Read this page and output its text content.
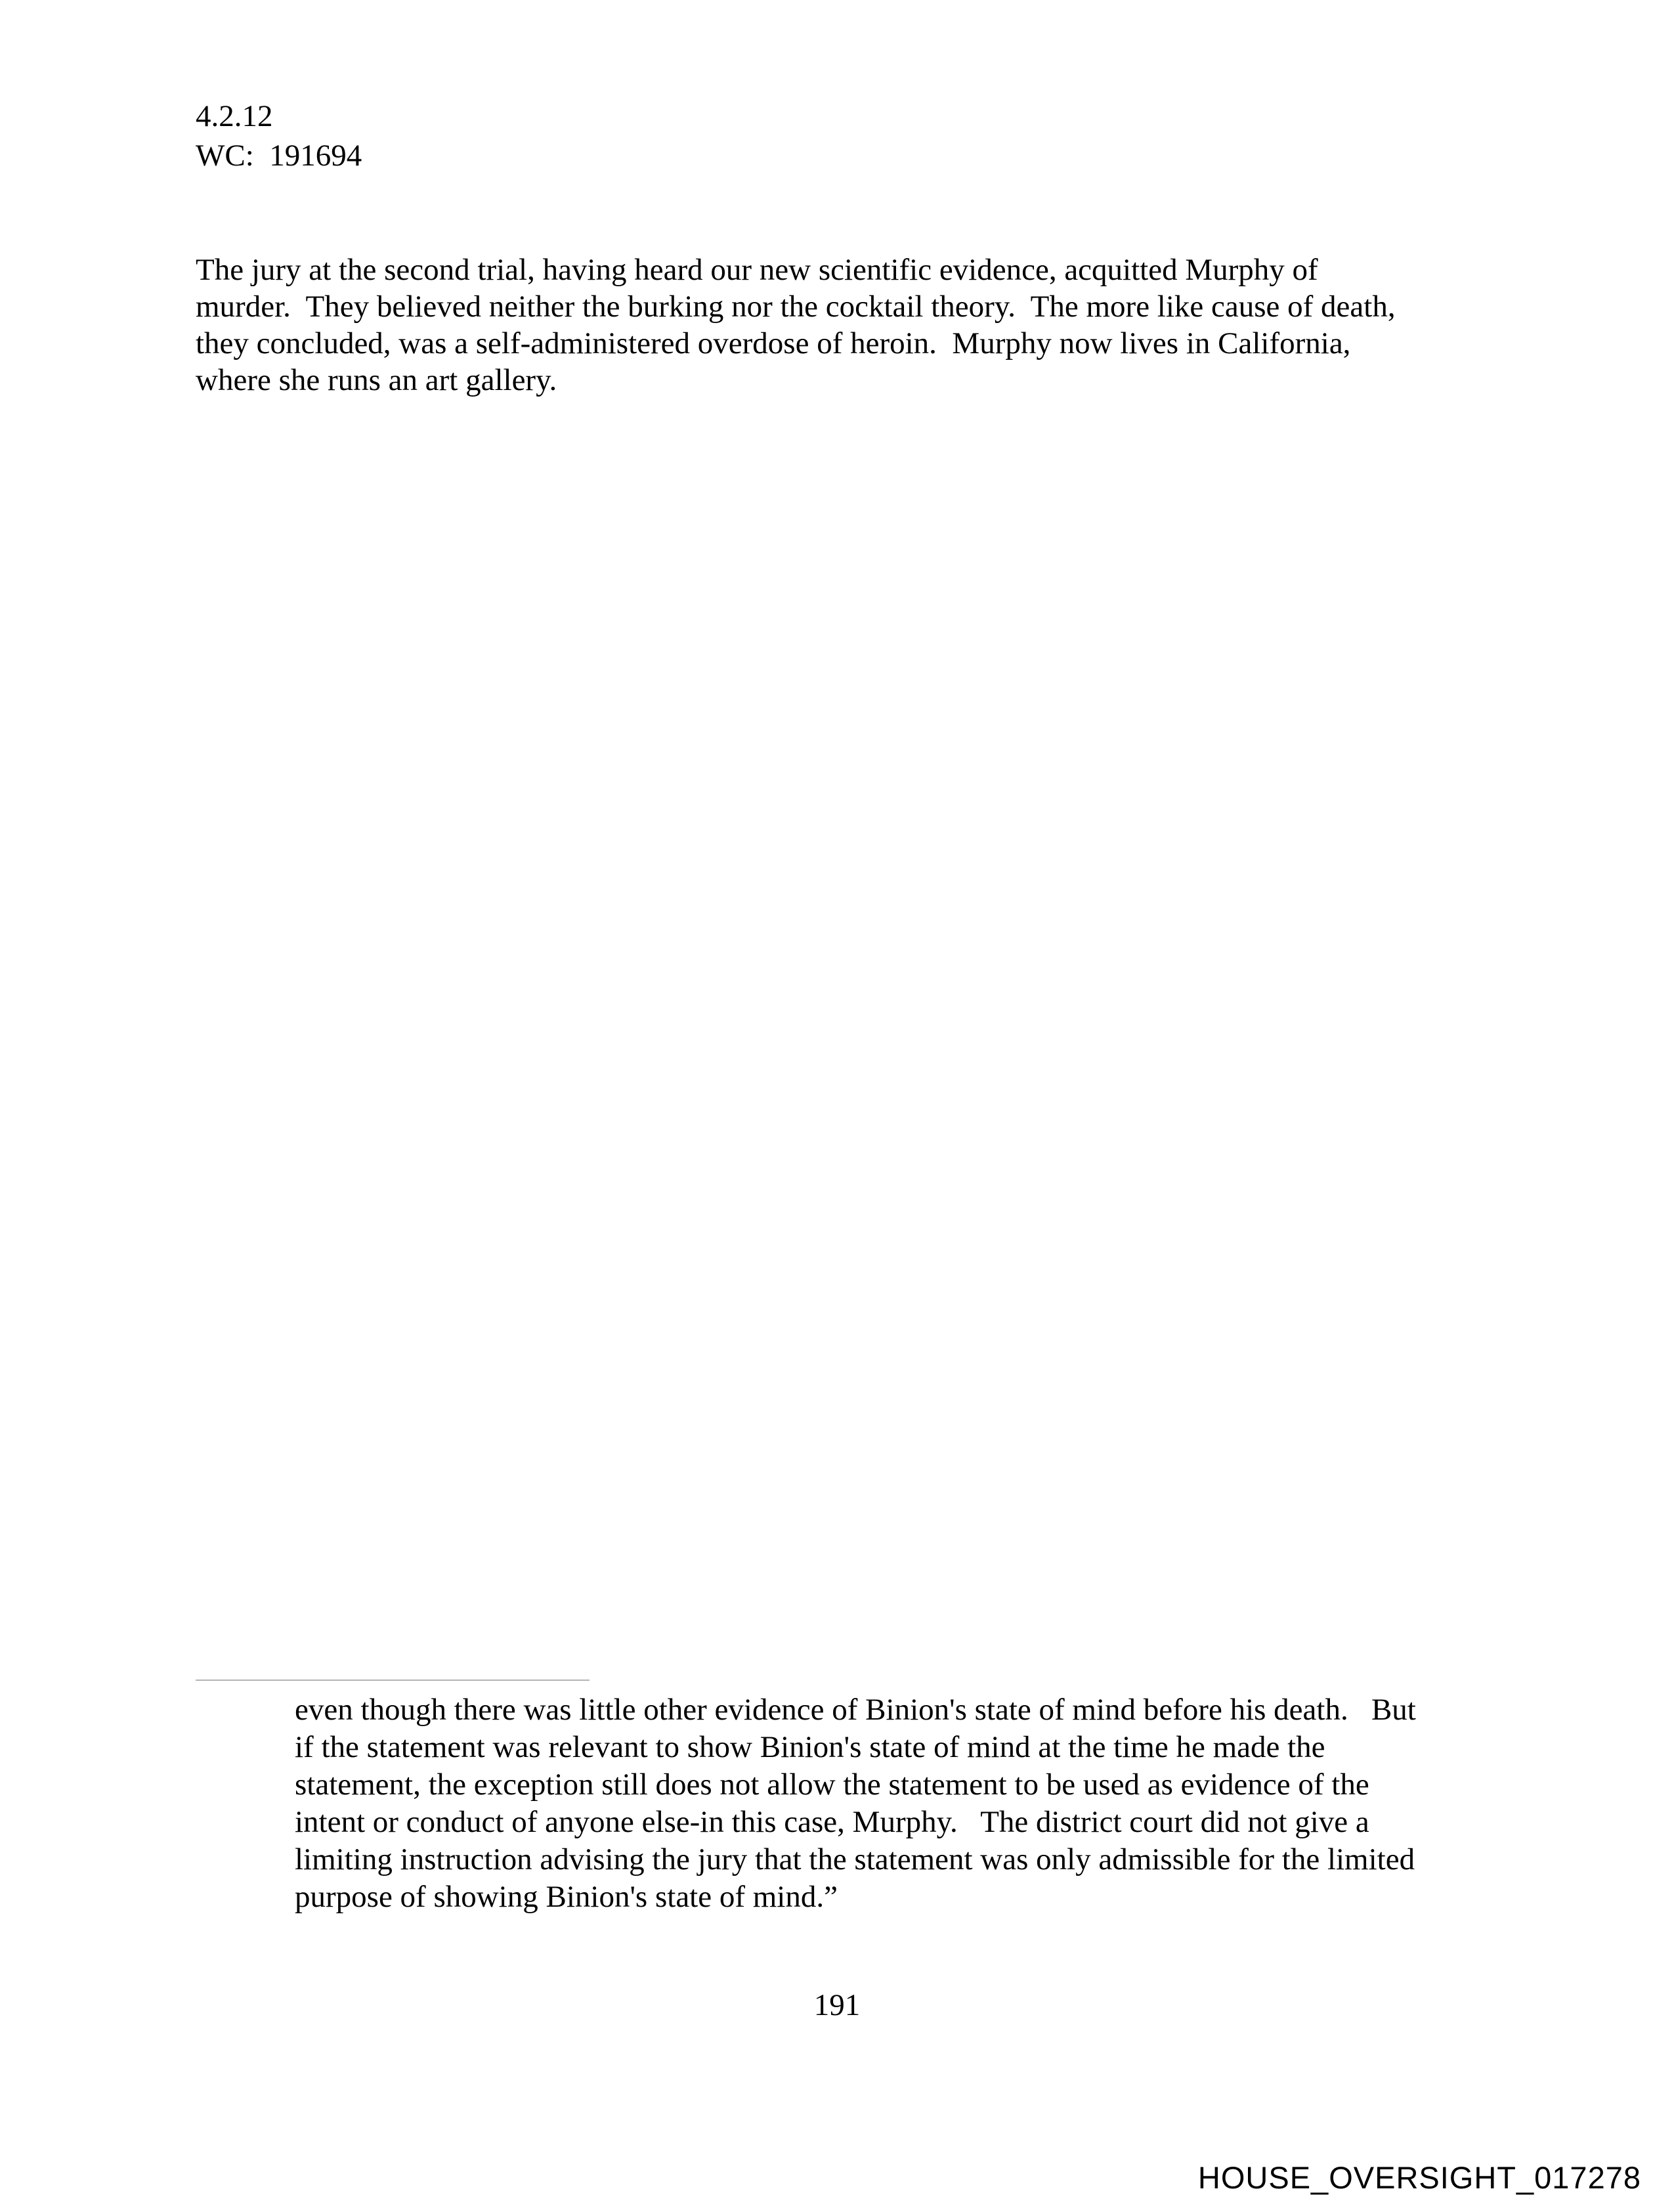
4.2.12
WC:  191694
The jury at the second trial, having heard our new scientific evidence, acquitted Murphy of
murder.  They believed neither the burking nor the cocktail theory.  The more like cause of death,
they concluded, was a self-administered overdose of heroin.  Murphy now lives in California,
where she runs an art gallery.
even though there was little other evidence of Binion's state of mind before his death.   But
if the statement was relevant to show Binion's state of mind at the time he made the
statement, the exception still does not allow the statement to be used as evidence of the
intent or conduct of anyone else-in this case, Murphy.   The district court did not give a
limiting instruction advising the jury that the statement was only admissible for the limited
purpose of showing Binion's state of mind.”
191
HOUSE_OVERSIGHT_017278
